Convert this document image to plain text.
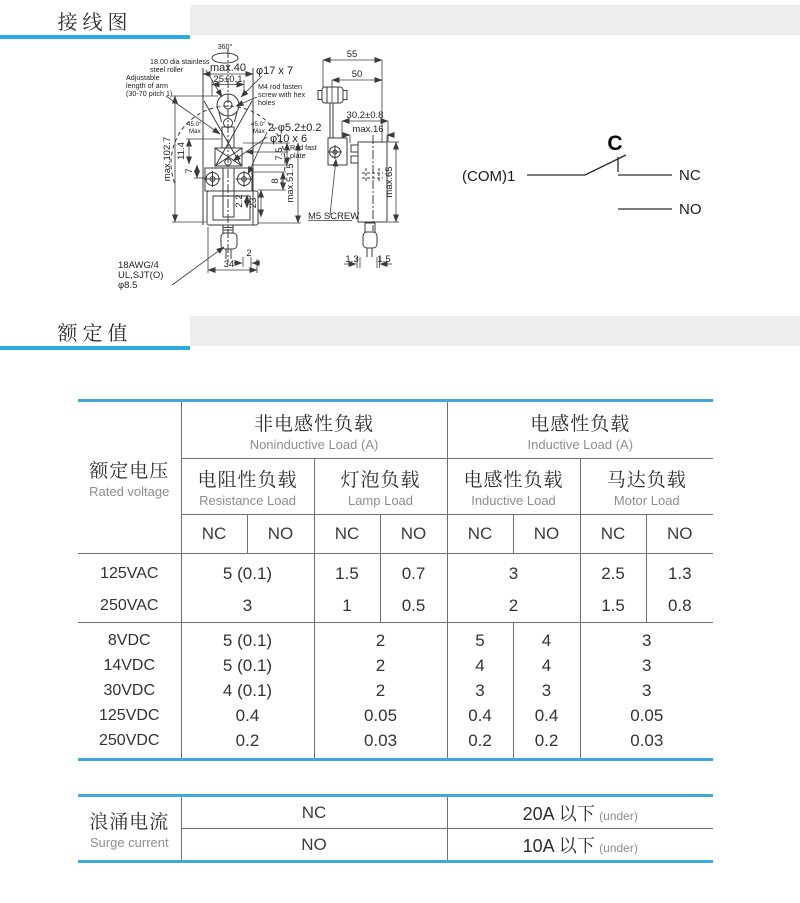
接线图
360°
max.40
25±0.1
φ17 x 7
18.00 dia stainless
steel roller
Adjustable
length of arm
(30-70 pitch 1)
M4 rod fasten
screw with hex
holes
45.0°
Max
45.0°
Max 2-φ5.2±0.2
φ10 x 6
Rod fast
plate
max.102.7 11.4
7
7.5
8
2.2 23
max.51.5
34
2
18AWG/4
UL,SJT(O)
φ8.5
55
50
30.2±0.8
max.16
max.65
M5 SCREW
1.3 1.5
C
(COM)1	NC
NO
额定值
额定电压
Rated voltage

非电感性负载
Noninductive Load (A)

电感性负载
Inductive Load (A)

电阻性负载
Resistance Load

灯泡负载
Lamp Load

电感性负载
Inductive Load

马达负载
Motor Load

	NC	NO	NC	NO	NC	NO	NC	NO
125VAC	5 (0.1)		1.5	0.7	3		2.5	1.3
250VAC	3		1	0.5	2		1.5	0.8
8VDC	5 (0.1)		2		5	4	3	
14VDC	5 (0.1)		2		4	4	3	
30VDC	4 (0.1)		2		3	3	3	
125VDC	0.4		0.05		0.4	0.4	0.05	
250VDC	0.2		0.03		0.2	0.2	0.03	
浪涌电流
Surge current	NC	20A 以下 (under)
	NO	10A 以下 (under)
